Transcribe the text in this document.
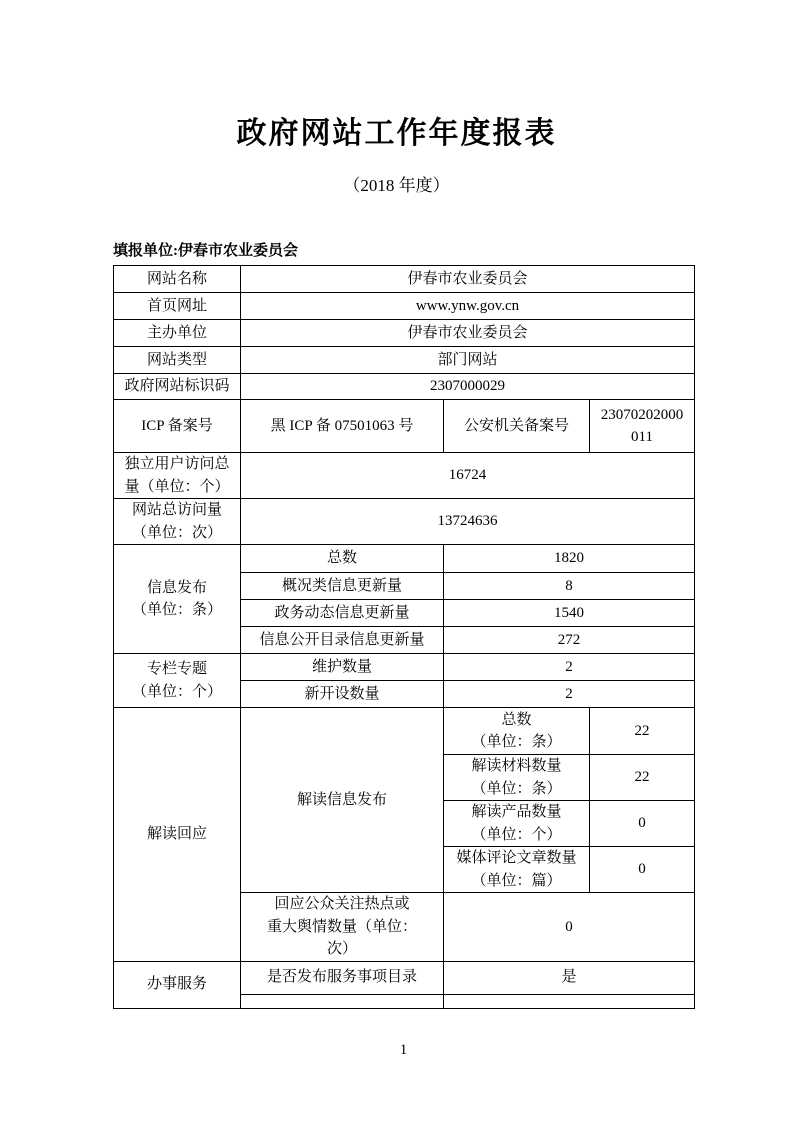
政府网站工作年度报表
（2018 年度）
填报单位:伊春市农业委员会
网站名称	伊春市农业委员会		
首页网址	www.ynw.gov.cn		
主办单位	伊春市农业委员会		
网站类型	部门网站		
政府网站标识码	2307000029		
ICP 备案号	黑 ICP 备 07501063 号	公安机关备案号	23070202000
011

独立用户访问总
量（单位：个）	16724		

网站总访问量
（单位：次）	13724636		

信息发布
（单位：条）	总数	1820	
	概况类信息更新量	8	
	政务动态信息更新量	1540	
	信息公开目录信息更新量	272	

专栏专题
（单位：个）	维护数量	2	
	新开设数量	2	
解读回应	解读信息发布	总数
（单位：条）	22

		解读材料数量
（单位：条）	22

		解读产品数量
（单位：个）	0

		媒体评论文章数量
（单位：篇）	0

	回应公众关注热点或
重大舆情数量（单位：
次）	0	
办事服务	是否发布服务事项目录	是	

1
